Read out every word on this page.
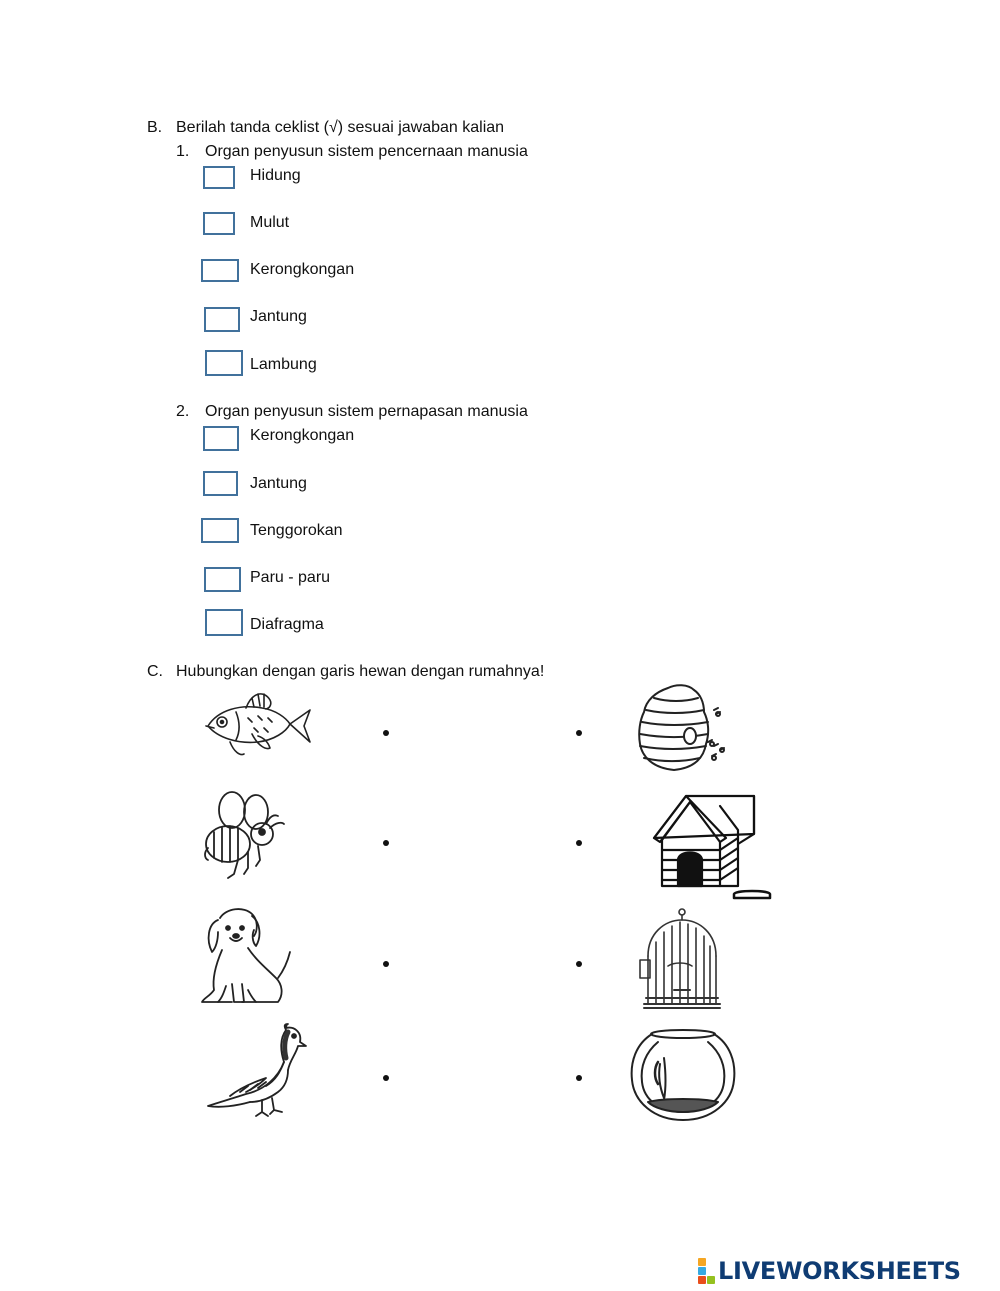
B. Berilah tanda ceklist (√) sesuai jawaban kalian
1. Organ penyusun sistem pencernaan manusia
Hidung
Mulut
Kerongkongan
Jantung
Lambung
2. Organ penyusun sistem pernapasan manusia
Kerongkongan
Jantung
Tenggorokan
Paru - paru
Diafragma
C. Hubungkan dengan garis hewan dengan rumahnya!
LIVEWORKSHEETS
